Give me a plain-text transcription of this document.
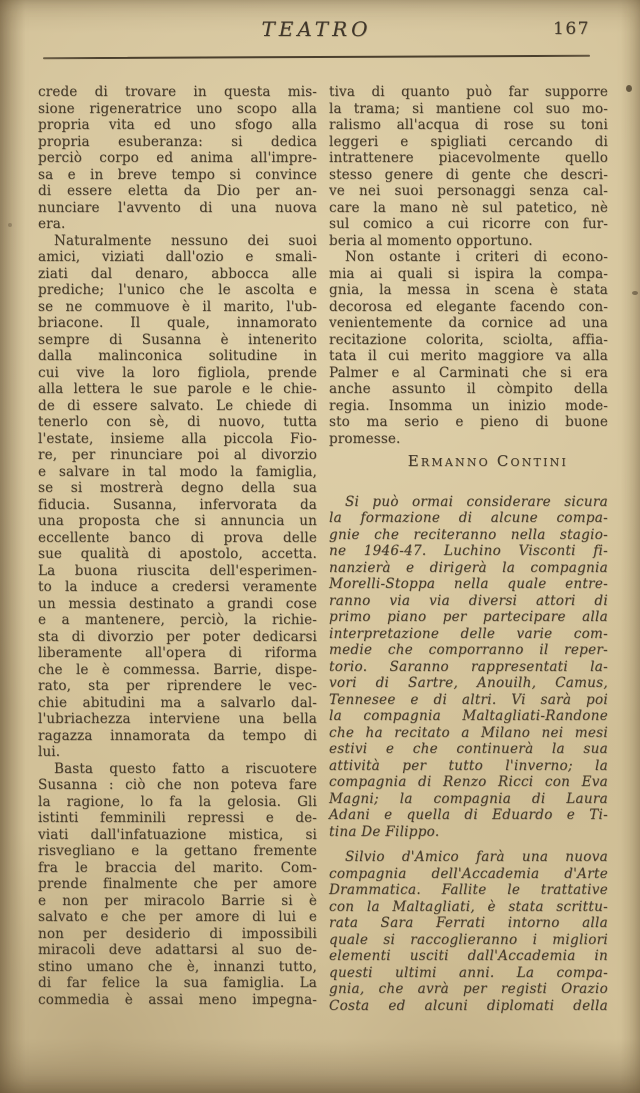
TEATRO	167
crede di trovare in questa mis-
sione rigeneratrice uno scopo alla
propria vita ed uno sfogo alla
propria esuberanza: si dedica
perciò corpo ed anima all'impre-
sa e in breve tempo si convince
di essere eletta da Dio per an-
nunciare l'avvento di una nuova
era.
Naturalmente nessuno dei suoi
amici, viziati dall'ozio e smali-
ziati dal denaro, abbocca alle
prediche; l'unico che le ascolta e
se ne commuove è il marito, l'ub-
briacone. Il quale, innamorato
sempre di Susanna è intenerito
dalla malinconica solitudine in
cui vive la loro figliola, prende
alla lettera le sue parole e le chie-
de di essere salvato. Le chiede di
tenerlo con sè, di nuovo, tutta
l'estate, insieme alla piccola Fio-
re, per rinunciare poi al divorzio
e salvare in tal modo la famiglia,
se si mostrerà degno della sua
fiducia. Susanna, infervorata da
una proposta che si annuncia un
eccellente banco di prova delle
sue qualità di apostolo, accetta.
La buona riuscita dell'esperimen-
to la induce a credersi veramente
un messia destinato a grandi cose
e a mantenere, perciò, la richie-
sta di divorzio per poter dedicarsi
liberamente all'opera di riforma
che le è commessa. Barrie, dispe-
rato, sta per riprendere le vec-
chie abitudini ma a salvarlo dal-
l'ubriachezza interviene una bella
ragazza innamorata da tempo di
lui.
Basta questo fatto a riscuotere
Susanna : ciò che non poteva fare
la ragione, lo fa la gelosia. Gli
istinti femminili repressi e de-
viati dall'infatuazione mistica, si
risvegliano e la gettano fremente
fra le braccia del marito. Com-
prende finalmente che per amore
e non per miracolo Barrie si è
salvato e che per amore di lui e
non per desiderio di impossibili
miracoli deve adattarsi al suo de-
stino umano che è, innanzi tutto,
di far felice la sua famiglia. La
commedia è assai meno impegna-
tiva di quanto può far supporre
la trama; si mantiene col suo mo-
ralismo all'acqua di rose su toni
leggeri e spigliati cercando di
intrattenere piacevolmente quello
stesso genere di gente che descri-
ve nei suoi personaggi senza cal-
care la mano nè sul patetico, nè
sul comico a cui ricorre con fur-
beria al momento opportuno.
Non ostante i criteri di econo-
mia ai quali si ispira la compa-
gnia, la messa in scena è stata
decorosa ed elegante facendo con-
venientemente da cornice ad una
recitazione colorita, sciolta, affia-
tata il cui merito maggiore va alla
Palmer e al Carminati che si era
anche assunto il còmpito della
regia. Insomma un inizio mode-
sto ma serio e pieno di buone
promesse.
Ermanno Contini
Si può ormai considerare sicura
la formazione di alcune compa-
gnie che reciteranno nella stagio-
ne 1946-47. Luchino Visconti fi-
nanzierà e dirigerà la compagnia
Morelli-Stoppa nella quale entre-
ranno via via diversi attori di
primo piano per partecipare alla
interpretazione delle varie com-
medie che comporranno il reper-
torio. Saranno rappresentati la-
vori di Sartre, Anouilh, Camus,
Tennesee e di altri. Vi sarà poi
la compagnia Maltagliati-Randone
che ha recitato a Milano nei mesi
estivi e che continuerà la sua
attività per tutto l'inverno; la
compagnia di Renzo Ricci con Eva
Magni; la compagnia di Laura
Adani e quella di Eduardo e Ti-
tina De Filippo.
Silvio d'Amico farà una nuova
compagnia dell'Accademia d'Arte
Drammatica. Fallite le trattative
con la Maltagliati, è stata scrittu-
rata Sara Ferrati intorno alla
quale si raccoglieranno i migliori
elementi usciti dall'Accademia in
questi ultimi anni. La compa-
gnia, che avrà per registi Orazio
Costa ed alcuni diplomati della
